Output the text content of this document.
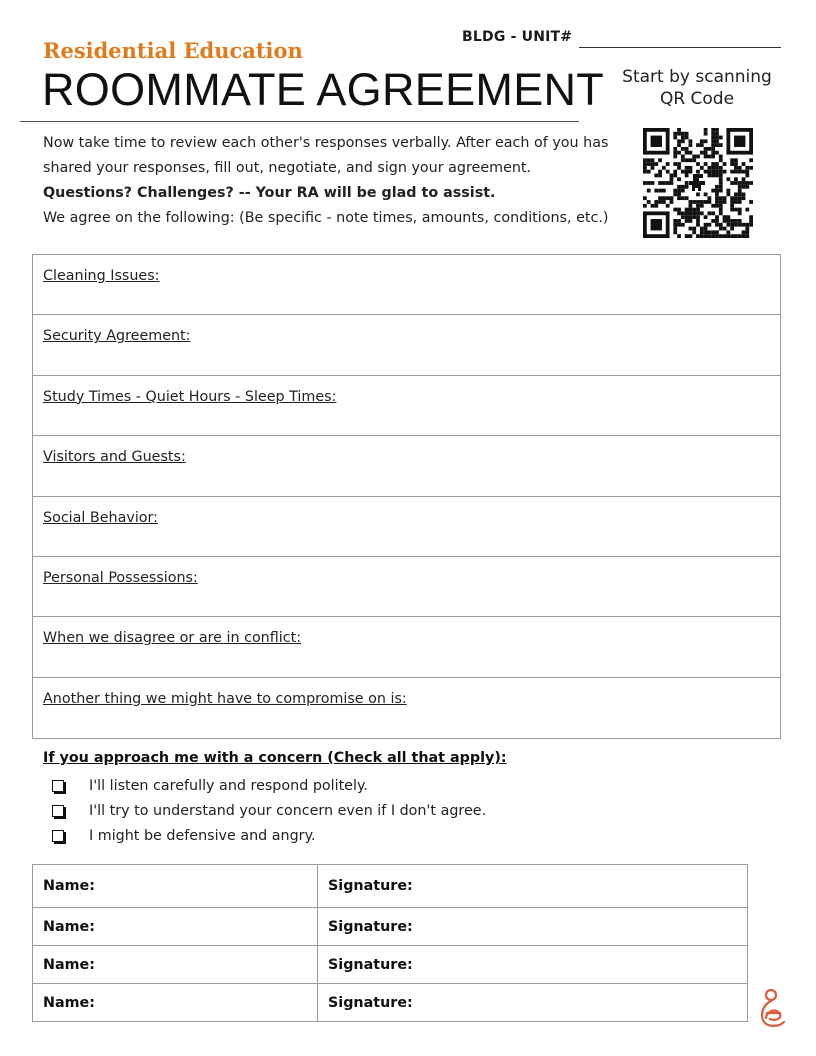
BLDG - UNIT#
Residential Education
ROOMMATE AGREEMENT	Start by scanning
QR Code
Now take time to review each other's responses verbally. After each of you has shared your responses, fill out, negotiate, and sign your agreement.
Questions? Challenges? -- Your RA will be glad to assist.
We agree on the following: (Be specific - note times, amounts, conditions, etc.)
Cleaning Issues:
Security Agreement:
Study Times - Quiet Hours - Sleep Times:
Visitors and Guests:
Social Behavior:
Personal Possessions:
When we disagree or are in conflict:
Another thing we might have to compromise on is:
If you approach me with a concern (Check all that apply):
I'll listen carefully and respond politely.
I'll try to understand your concern even if I don't agree.
I might be defensive and angry.
Name:	Signature:
Name:	Signature:
Name:	Signature:
Name:	Signature:
